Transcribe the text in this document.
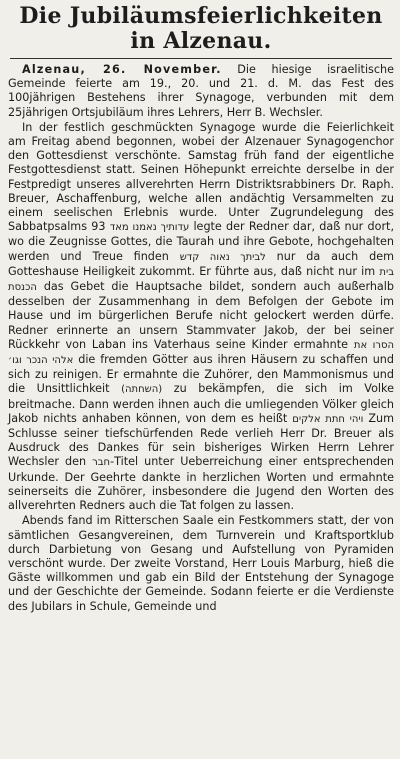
Die Jubiläumsfeierlichkeiten
in Alzenau.

Alzenau, 26. November. Die hiesige israelitische Gemeinde feierte am 19., 20. und 21. d. M. das Fest des 100jährigen Bestehens ihrer Synagoge, verbunden mit dem 25jährigen Ortsjubiläum ihres Lehrers, Herr B. Wechsler.

In der festlich geschmückten Synagoge wurde die Feierlichkeit am Freitag abend begonnen, wobei der Alzenauer Synagogenchor den Gottesdienst verschönte. Samstag früh fand der eigentliche Festgottesdienst statt. Seinen Höhepunkt erreichte derselbe in der Festpredigt unseres allverehrten Herrn Distriktsrabbiners Dr. Raph. Breuer, Aschaffenburg, welche allen andächtig Versammelten zu einem seelischen Erlebnis wurde. Unter Zugrundelegung des Sabbatpsalms 93 עדותיך נאמנו מאד legte der Redner dar, daß nur dort, wo die Zeugnisse Gottes, die Taurah und ihre Gebote, hochgehalten werden und Treue finden לביתך נאוה קדש nur da auch dem Gotteshause Heiligkeit zukommt. Er führte aus, daß nicht nur im בית הכנסת das Gebet die Hauptsache bildet, sondern auch außerhalb desselben der Zusammenhang in dem Befolgen der Gebote im Hause und im bürgerlichen Berufe nicht gelockert werden dürfe. Redner erinnerte an unsern Stammvater Jakob, der bei seiner Rückkehr von Laban ins Vaterhaus seine Kinder ermahnte הסרו את אלהי הנכר וגו׳ die fremden Götter aus ihren Häusern zu schaffen und sich zu reinigen. Er ermahnte die Zuhörer, den Mammonismus und die Unsittlichkeit (השחתה) zu bekämpfen, die sich im Volke breitmache. Dann werden ihnen auch die umliegenden Völker gleich Jakob nichts anhaben können, von dem es heißt ויהי חתת אלקים Zum Schlusse seiner tiefschürfenden Rede verlieh Herr Dr. Breuer als Ausdruck des Dankes für sein bisheriges Wirken Herrn Lehrer Wechsler den חבר-Titel unter Ueberreichung einer entsprechenden Urkunde. Der Geehrte dankte in herzlichen Worten und ermahnte seinerseits die Zuhörer, insbesondere die Jugend den Worten des allverehrten Redners auch die Tat folgen zu lassen.

Abends fand im Ritterschen Saale ein Festkommers statt, der von sämtlichen Gesangvereinen, dem Turnverein und Kraftsportklub durch Darbietung von Gesang und Aufstellung von Pyramiden verschönt wurde. Der zweite Vorstand, Herr Louis Marburg, hieß die Gäste willkommen und gab ein Bild der Entstehung der Synagoge und der Geschichte der Gemeinde. Sodann feierte er die Verdienste des Jubilars in Schule, Gemeinde und
